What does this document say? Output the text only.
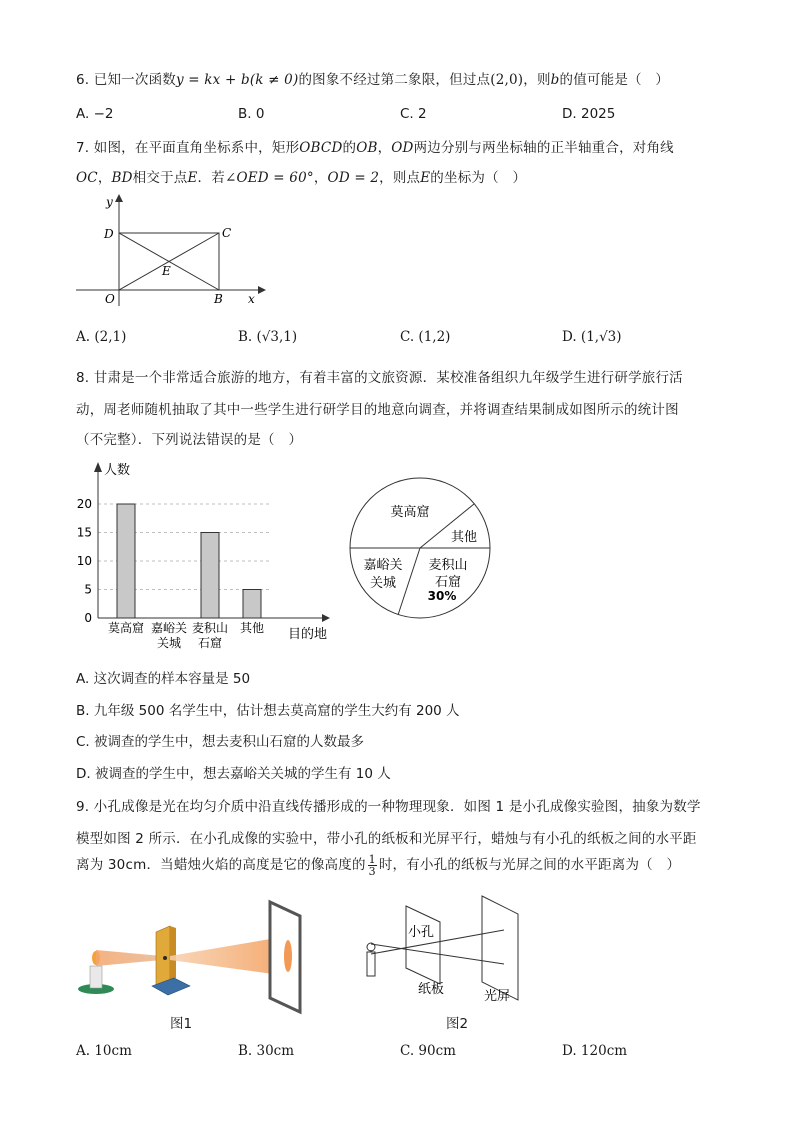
6. 已知一次函数y = kx + b(k ≠ 0)的图象不经过第二象限，但过点(2,0)，则b的值可能是（　）
A. −2	B. 0	C. 2	D. 2025
7. 如图，在平面直角坐标系中，矩形OBCD的OB，OD两边分别与两坐标轴的正半轴重合，对角线
OC，BD相交于点E．若∠OED = 60°，OD = 2，则点E的坐标为（　）
y
x
O	B
C
D
E
A. (2,1)	B. (√3,1)	C. (1,2)	D. (1,√3)
8. 甘肃是一个非常适合旅游的地方，有着丰富的文旅资源．某校准备组织九年级学生进行研学旅行活
动，周老师随机抽取了其中一些学生进行研学目的地意向调查，并将调查结果制成如图所示的统计图
（不完整）．下列说法错误的是（　）
0
5
10
15
20
人数
目的地
莫高窟 嘉峪关
关城
麦积山
石窟
其他
莫高窟
其他
嘉峪关
关城
麦积山
石窟
30%
A. 这次调查的样本容量是 50
B. 九年级 500 名学生中，估计想去莫高窟的学生大约有 200 人
C. 被调查的学生中，想去麦积山石窟的人数最多
D. 被调查的学生中，想去嘉峪关关城的学生有 10 人
9. 小孔成像是光在均匀介质中沿直线传播形成的一种物理现象．如图 1 是小孔成像实验图，抽象为数学
模型如图 2 所示．在小孔成像的实验中，带小孔的纸板和光屏平行，蜡烛与有小孔的纸板之间的水平距
离为 30cm．当蜡烛火焰的高度是它的像高度的 $\frac{1}{3}$ 时，有小孔的纸板与光屏之间的水平距离为（　）
图1
小孔
纸板	光屏
图2
A. 10cm	B. 30cm	C. 90cm	D. 120cm
